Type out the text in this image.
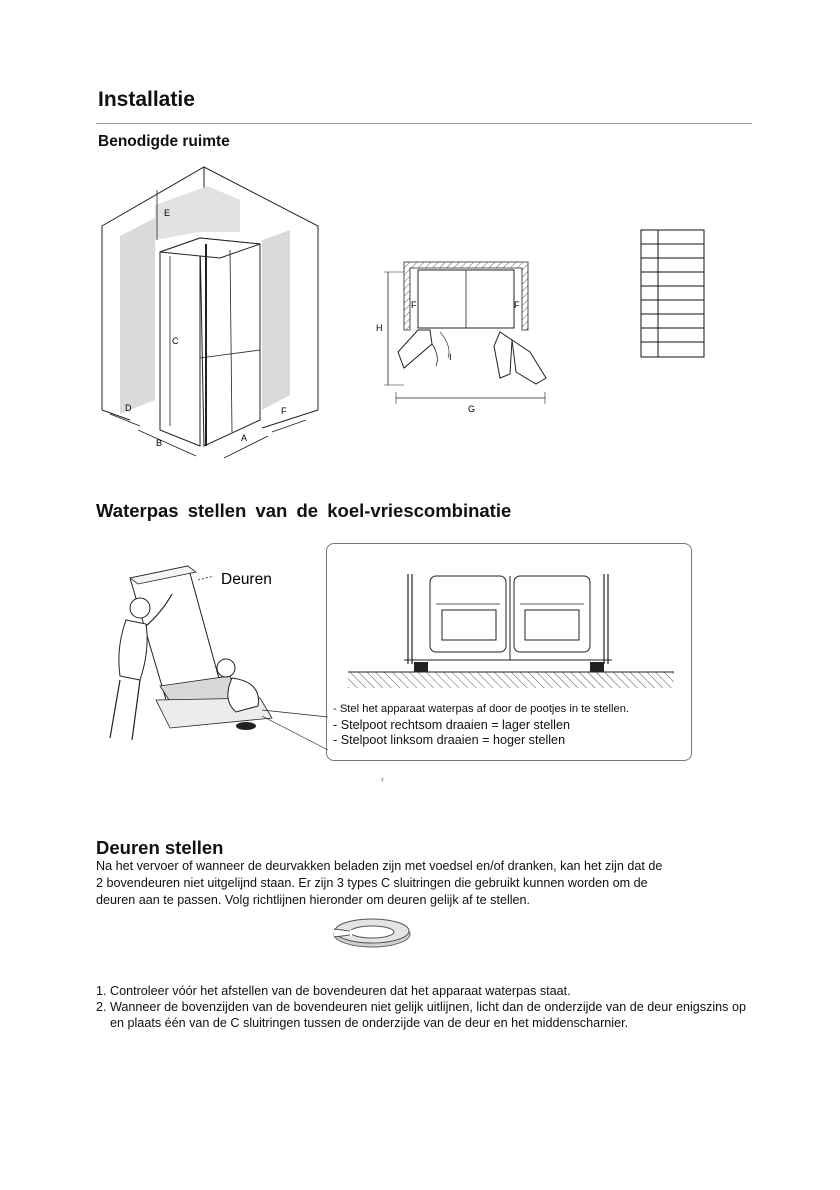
Installatie
Benodigde ruimte
E
C
D
B	A
F
F	F
H
I
G
Waterpas stellen van de koel-vriescombinatie
Deuren
- Stel het apparaat waterpas af door de pootjes in te stellen.
- Stelpoot rechtsom draaien = lager stellen
- Stelpoot linksom draaien = hoger stellen
‹
Deuren stellen
Na het vervoer of wanneer de deurvakken beladen zijn met voedsel en/of dranken, kan het zijn dat de
2 bovendeuren niet uitgelijnd staan. Er zijn 3 types C sluitringen die gebruikt kunnen worden om de
deuren aan te passen. Volg richtlijnen hieronder om deuren gelijk af te stellen.
1. Controleer vóór het afstellen van de bovendeuren dat het apparaat waterpas staat.
2. Wanneer de bovenzijden van de bovendeuren niet gelijk uitlijnen, licht dan de onderzijde van de deur enigszins op en plaats één van de C sluitringen tussen de onderzijde van de deur en het middenscharnier.
